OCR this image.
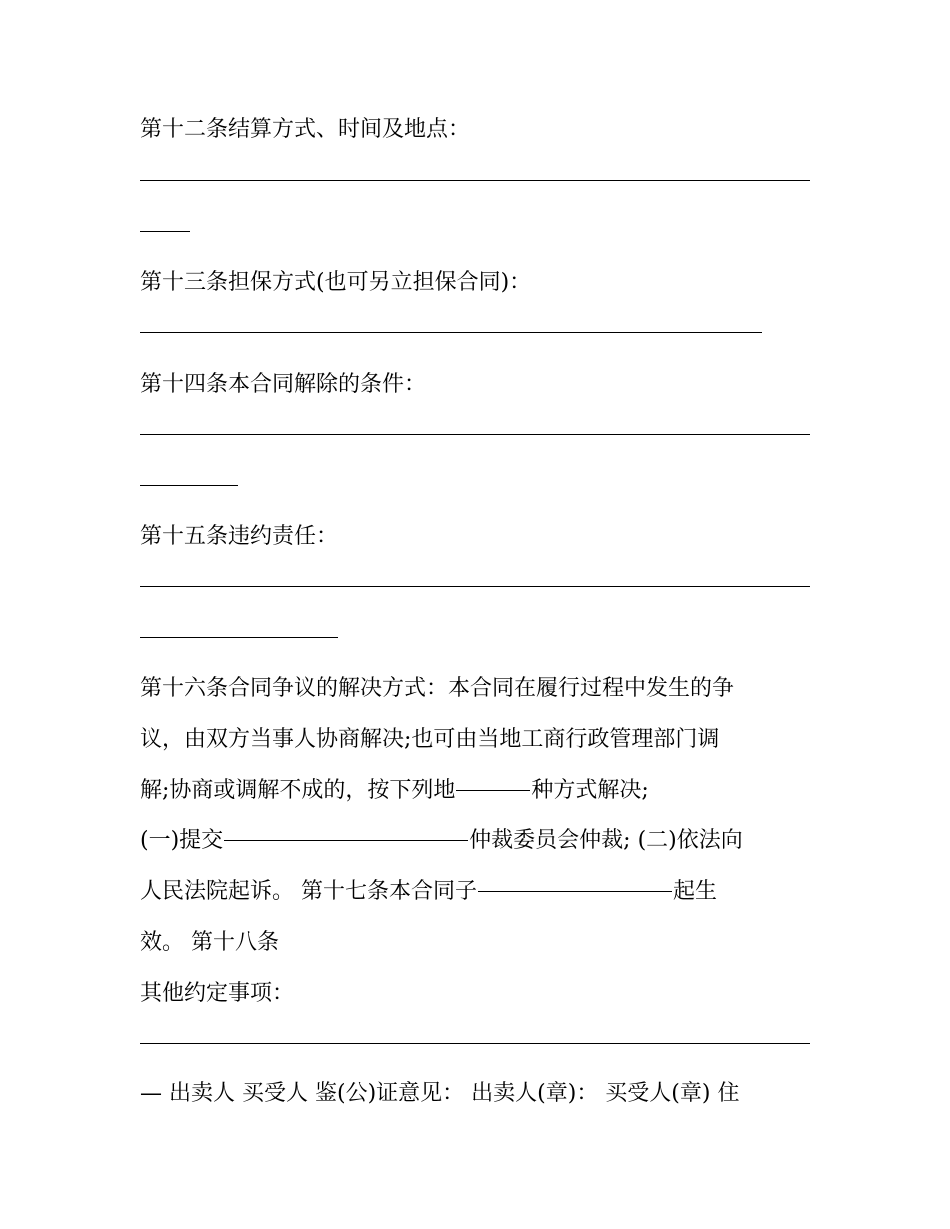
第十二条结算方式、时间及地点：
第十三条担保方式(也可另立担保合同)：
第十四条本合同解除的条件：
第十五条违约责任：
第十六条合同争议的解决方式：本合同在履行过程中发生的争
议，由双方当事人协商解决;也可由当地工商行政管理部门调
解;协商或调解不成的，按下列地	种方式解决;
(一)提交	仲裁委员会仲裁; (二)依法向
人民法院起诉。 第十七条本合同子	起生
效。 第十八条
其他约定事项：
— 出卖人 买受人 鉴(公)证意见： 出卖人(章)： 买受人(章) 住
